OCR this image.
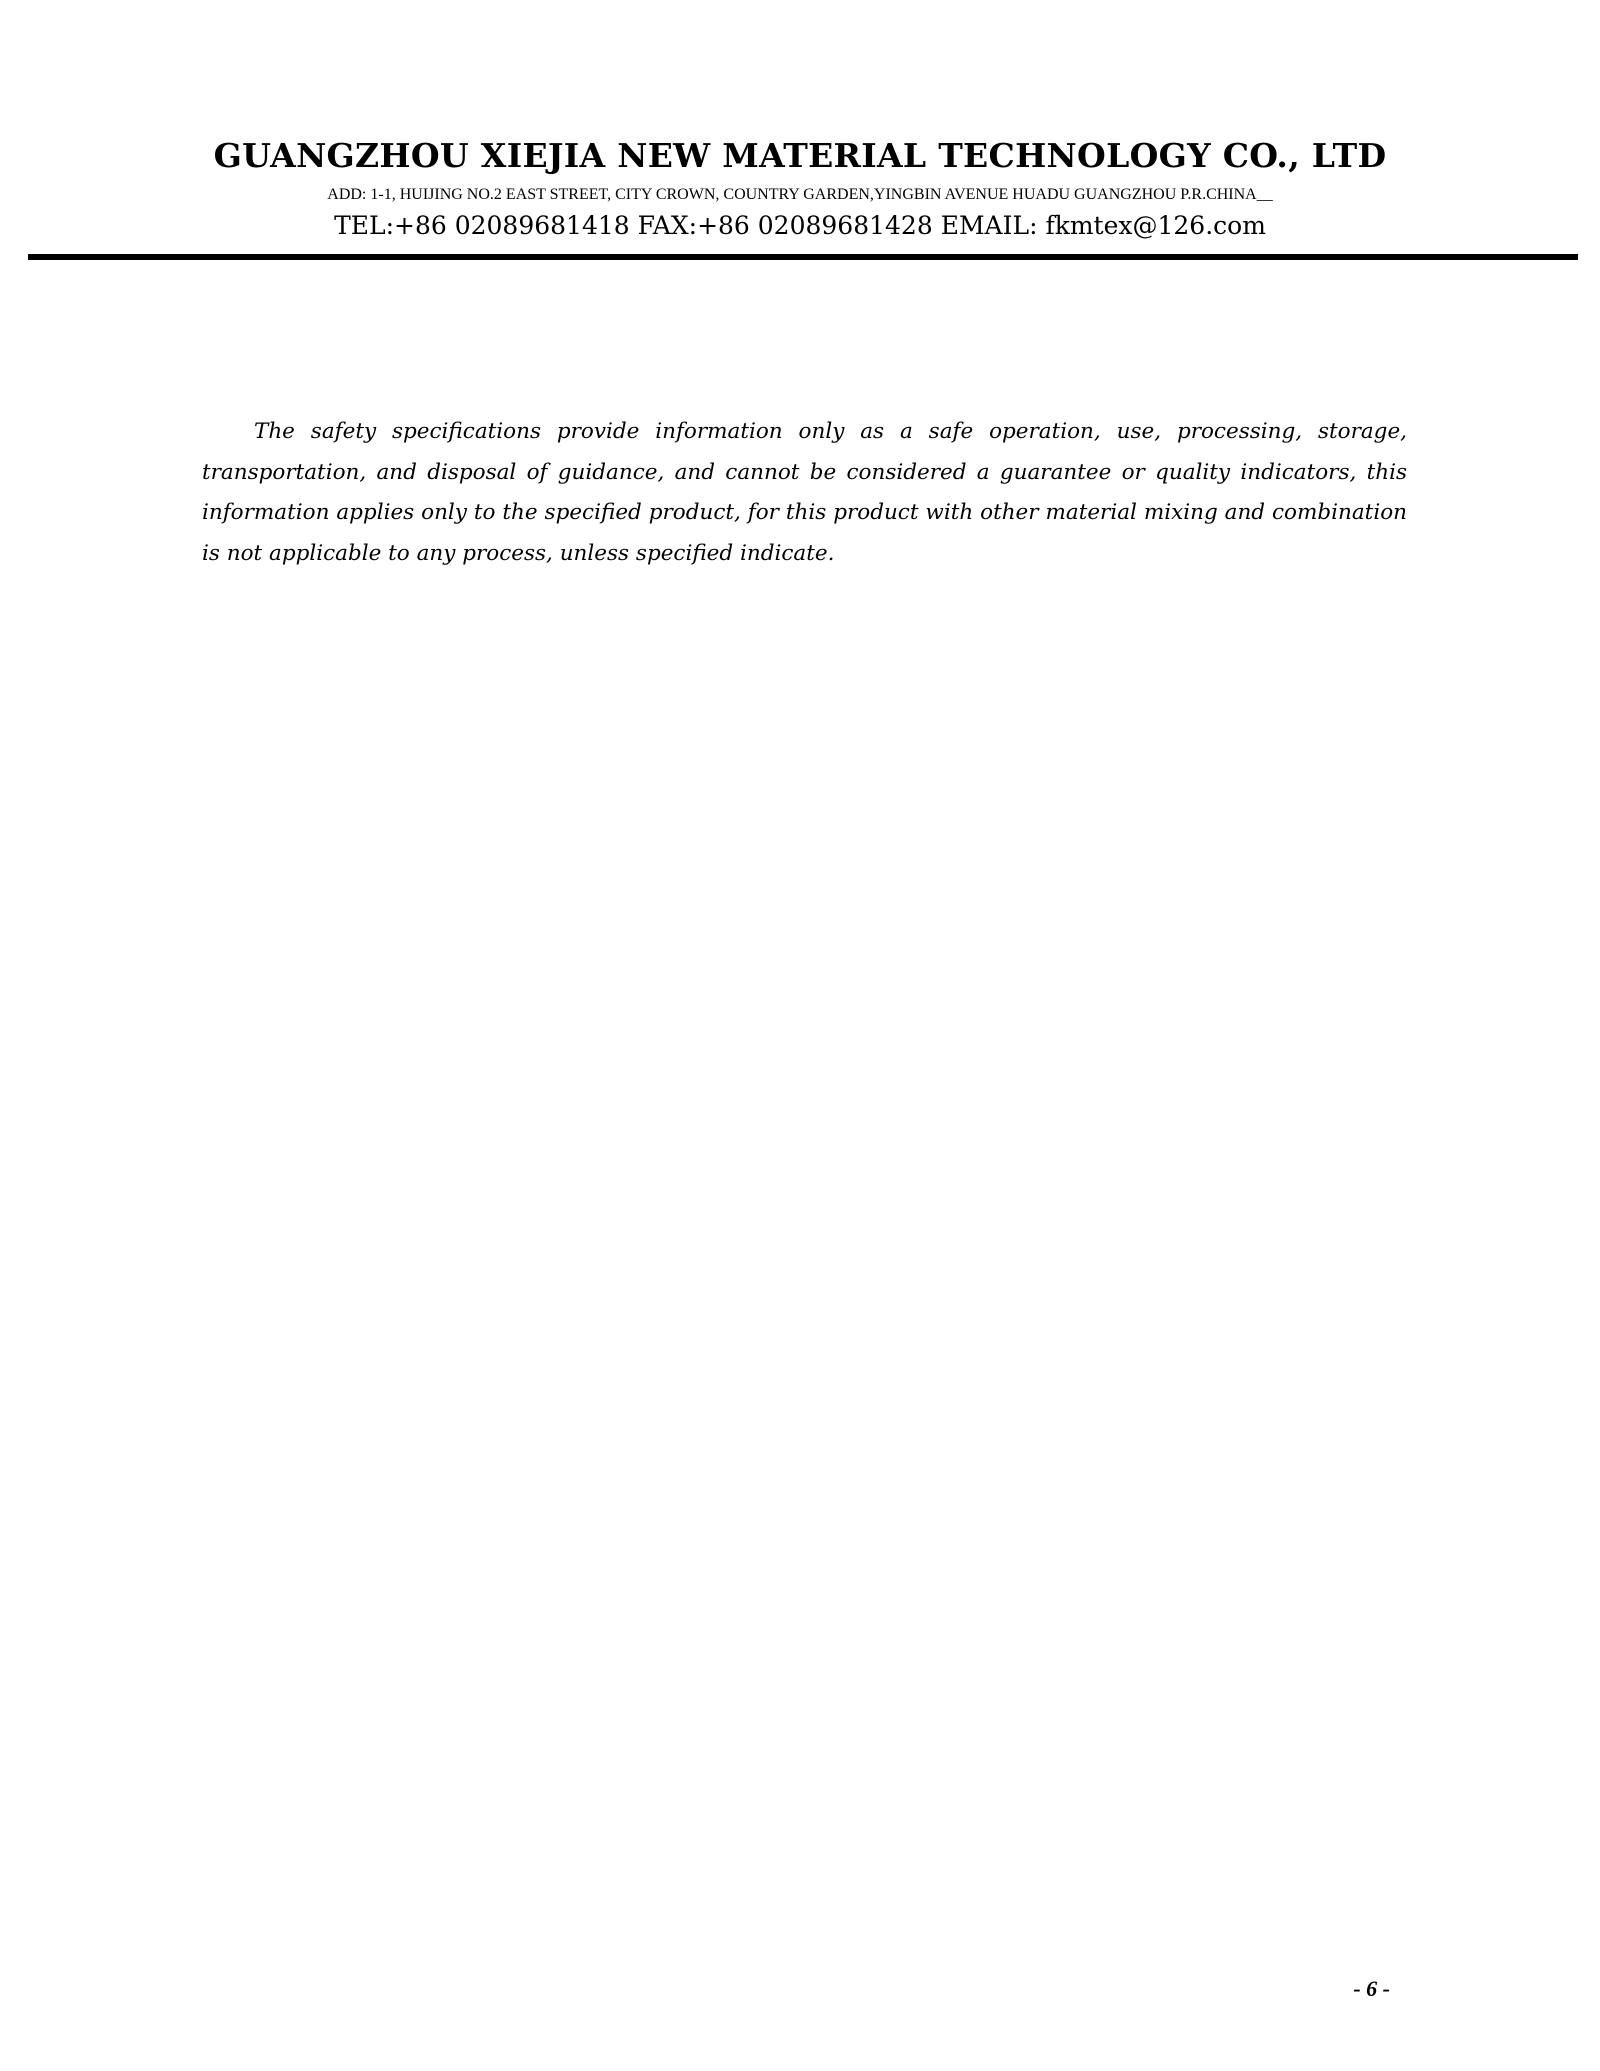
GUANGZHOU XIEJIA NEW MATERIAL TECHNOLOGY CO., LTD
ADD: 1-1, HUIJING NO.2 EAST STREET, CITY CROWN, COUNTRY GARDEN,YINGBIN AVENUE HUADU GUANGZHOU P.R.CHINA__
TEL:+86 02089681418 FAX:+86 02089681428 EMAIL: fkmtex@126.com

The safety specifications provide information only as a safe operation, use, processing, storage, transportation, and disposal of guidance, and cannot be considered a guarantee or quality indicators, this information applies only to the specified product, for this product with other material mixing and combination is not applicable to any process, unless specified indicate.

- 6 -
